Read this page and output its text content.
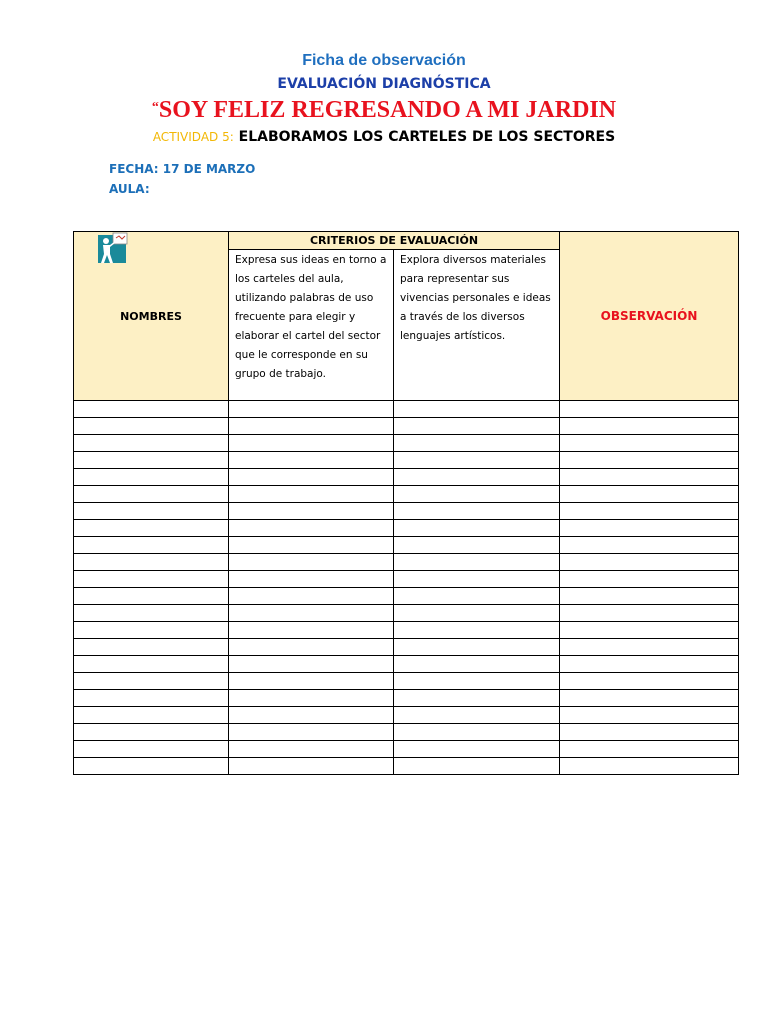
Ficha de observación
EVALUACIÓN DIAGNÓSTICA
“SOY FELIZ REGRESANDO A MI JARDIN
ACTIVIDAD 5: ELABORAMOS LOS CARTELES DE LOS SECTORES
FECHA: 17 DE MARZO
AULA:
NOMBRES	CRITERIOS DE EVALUACIÓN		OBSERVACIÓN
	Expresa sus ideas en torno a los carteles del aula, utilizando palabras de uso frecuente para elegir y elaborar el cartel del sector que le corresponde en su grupo de trabajo.	Explora diversos materiales para representar sus vivencias personales e ideas a través de los diversos lenguajes artísticos.	
